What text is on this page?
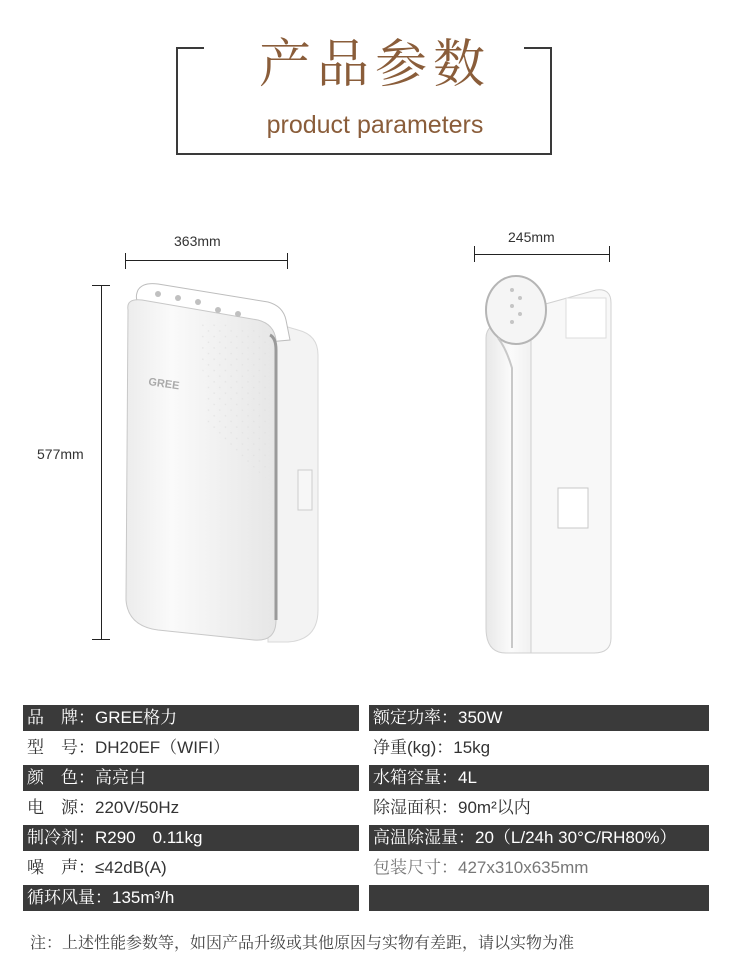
产品参数
product parameters
363mm
577mm
245mm
GREE
品　牌：GREE格力	额定功率：350W
型　号：DH20EF（WIFI）	净重(kg)：15kg
颜　色：高亮白	水箱容量：4L
电　源：220V/50Hz	除湿面积：90m²以内
制冷剂：R290　0.11kg	高温除湿量：20（L/24h 30°C/RH80%）
噪　声：≤42dB(A)	包装尺寸：427x310x635mm
循环风量：135m³/h
注：上述性能参数等，如因产品升级或其他原因与实物有差距，请以实物为准
